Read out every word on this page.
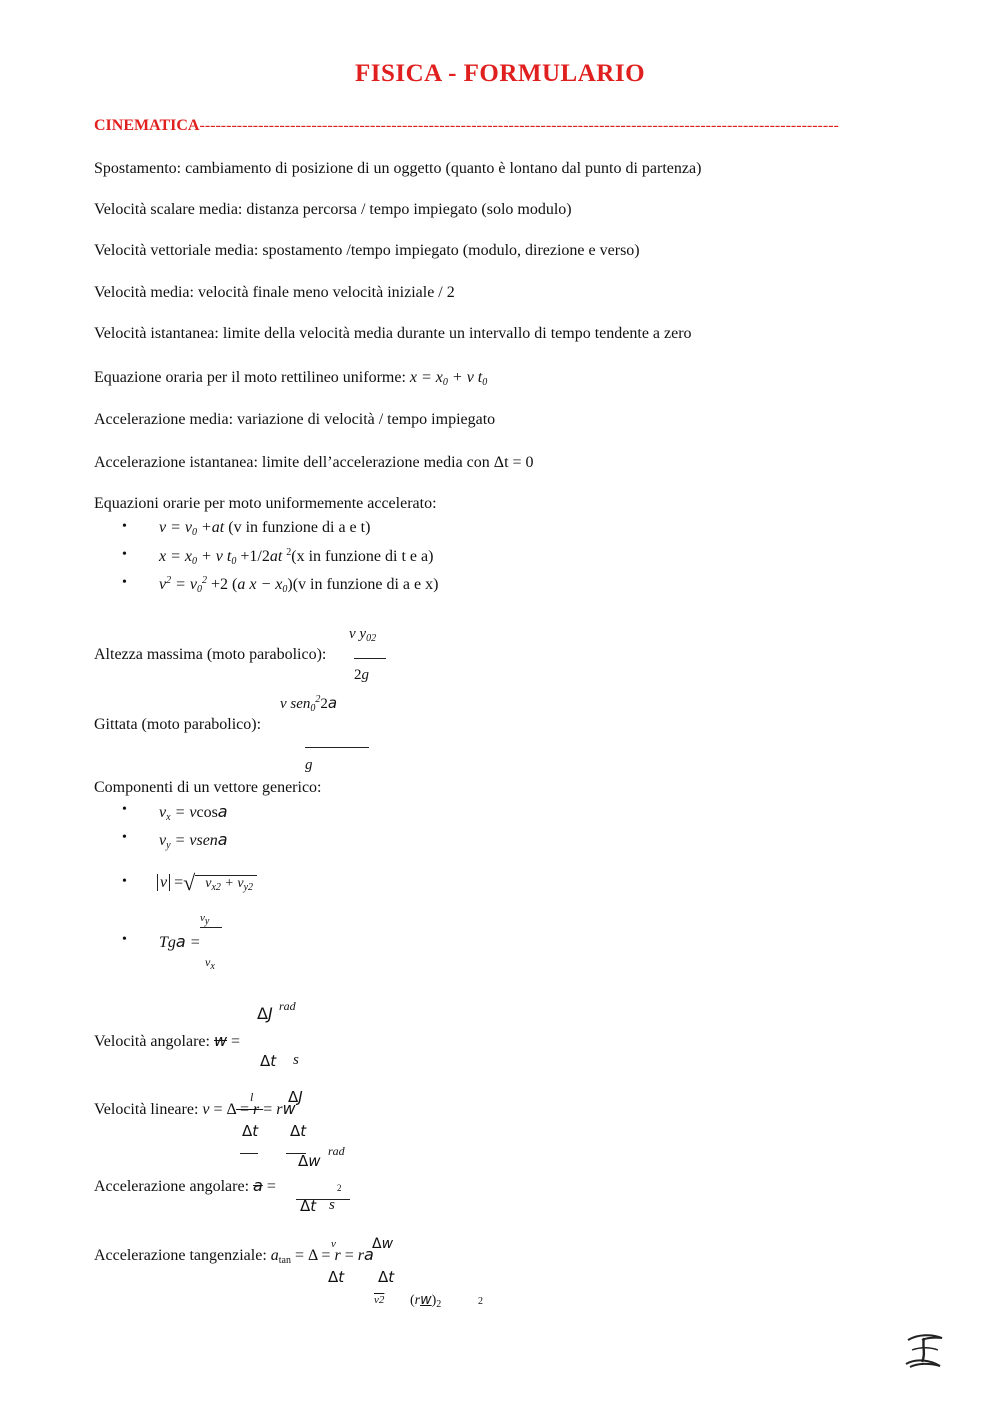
FISICA - FORMULARIO
CINEMATICA------------------------------------------------------------------------------------------------------------------------
Spostamento: cambiamento di posizione di un oggetto (quanto è lontano dal punto di partenza)
Velocità scalare media: distanza percorsa / tempo impiegato (solo modulo)
Velocità vettoriale media: spostamento /tempo impiegato (modulo, direzione e verso)
Velocità media: velocità finale meno velocità iniziale / 2
Velocità istantanea: limite della velocità media durante un intervallo di tempo tendente a zero
Equazione oraria per il moto rettilineo uniforme: $x = x_0 + v$ $t_0$
Accelerazione media: variazione di velocità / tempo impiegato
Accelerazione istantanea: limite dell’accelerazione media con Δt = 0
Equazioni orarie per moto uniformemente accelerato:
• $v = v_0 +at$ (v in funzione di a e t)
• $x = x_0 + v$ $t_0 +1/2at$ $^2$(x in funzione di t e a)
• $v^2 = v_0^2 +2$ (a $x - x_0)(v$ in funzione di a e x)
Altezza massima (moto parabolico):
v $y_{02}$
2g
v sen$_0^2$2a
Gittata (moto parabolico):
g
Componenti di un vettore generico:
• $v_x = vcosa$
• $v_y$ = vsena
• v =√ $v_{x2} + v_{y2}$
vy
• Tga =
$v_x$
ΔJ rad
Velocità angolare: w =
Δt s
l ΔJ
Velocità lineare: v = Δ = r = rw
Δt Δt
Δw
rad
Accelerazione angolare: a =	2
Δt s
v	Δw
Accelerazione tangenziale: $a_{tan} = \Delta = r$ = ra
Δt Δt
v2 $(rw)_2$	2
